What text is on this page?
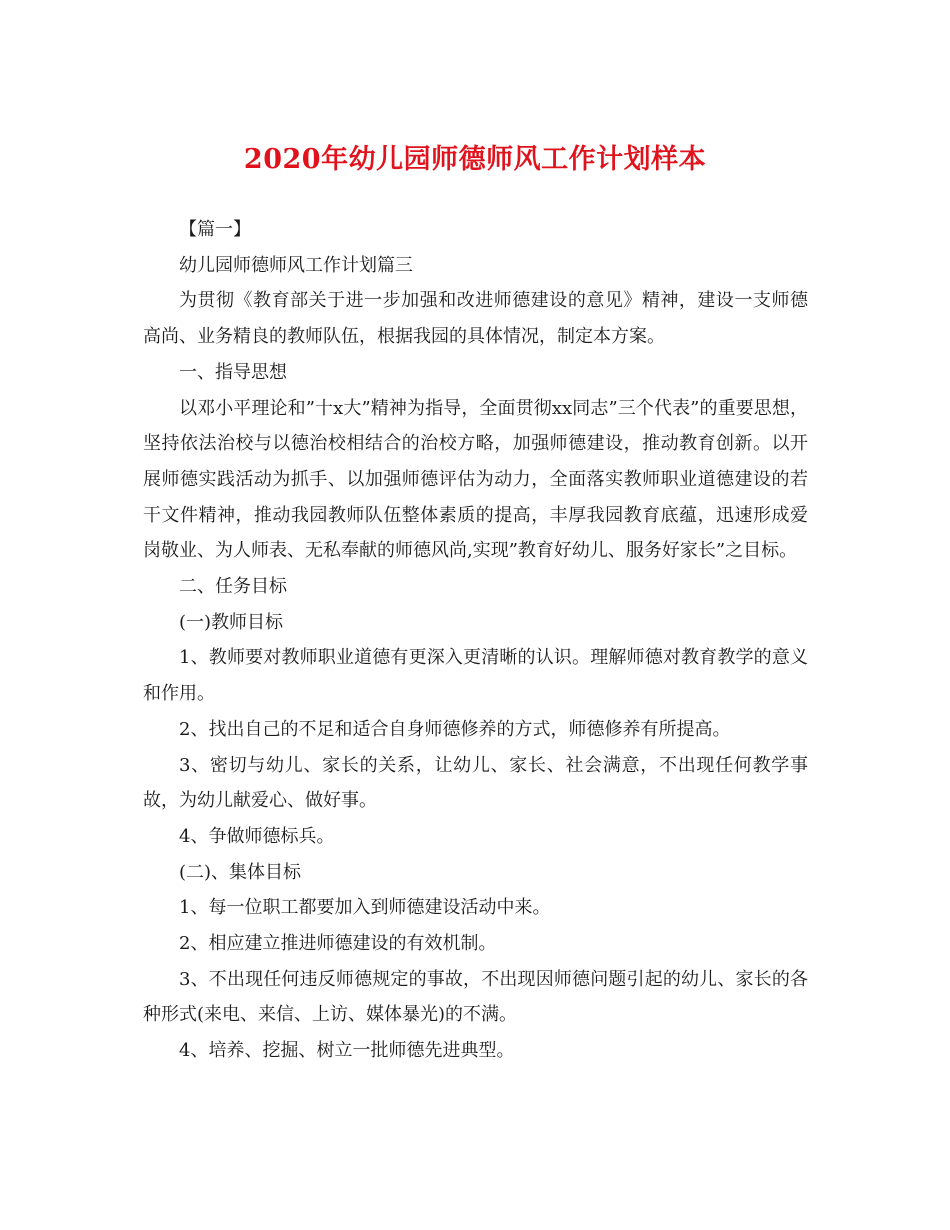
2020年幼儿园师德师风工作计划样本

【篇一】

幼儿园师德师风工作计划篇三

为贯彻《教育部关于进一步加强和改进师德建设的意见》精神，建设一支师德高尚、业务精良的教师队伍，根据我园的具体情况，制定本方案。

一、指导思想

以邓小平理论和”十x大”精神为指导，全面贯彻xx同志”三个代表”的重要思想，坚持依法治校与以德治校相结合的治校方略，加强师德建设，推动教育创新。以开展师德实践活动为抓手、以加强师德评估为动力，全面落实教师职业道德建设的若干文件精神，推动我园教师队伍整体素质的提高，丰厚我园教育底蕴，迅速形成爱岗敬业、为人师表、无私奉献的师德风尚,实现”教育好幼儿、服务好家长”之目标。

二、任务目标

(一)教师目标

1、教师要对教师职业道德有更深入更清晰的认识。理解师德对教育教学的意义和作用。

2、找出自己的不足和适合自身师德修养的方式，师德修养有所提高。

3、密切与幼儿、家长的关系，让幼儿、家长、社会满意，不出现任何教学事故，为幼儿献爱心、做好事。

4、争做师德标兵。

(二)、集体目标

1、每一位职工都要加入到师德建设活动中来。

2、相应建立推进师德建设的有效机制。

3、不出现任何违反师德规定的事故，不出现因师德问题引起的幼儿、家长的各种形式(来电、来信、上访、媒体暴光)的不满。

4、培养、挖掘、树立一批师德先进典型。
